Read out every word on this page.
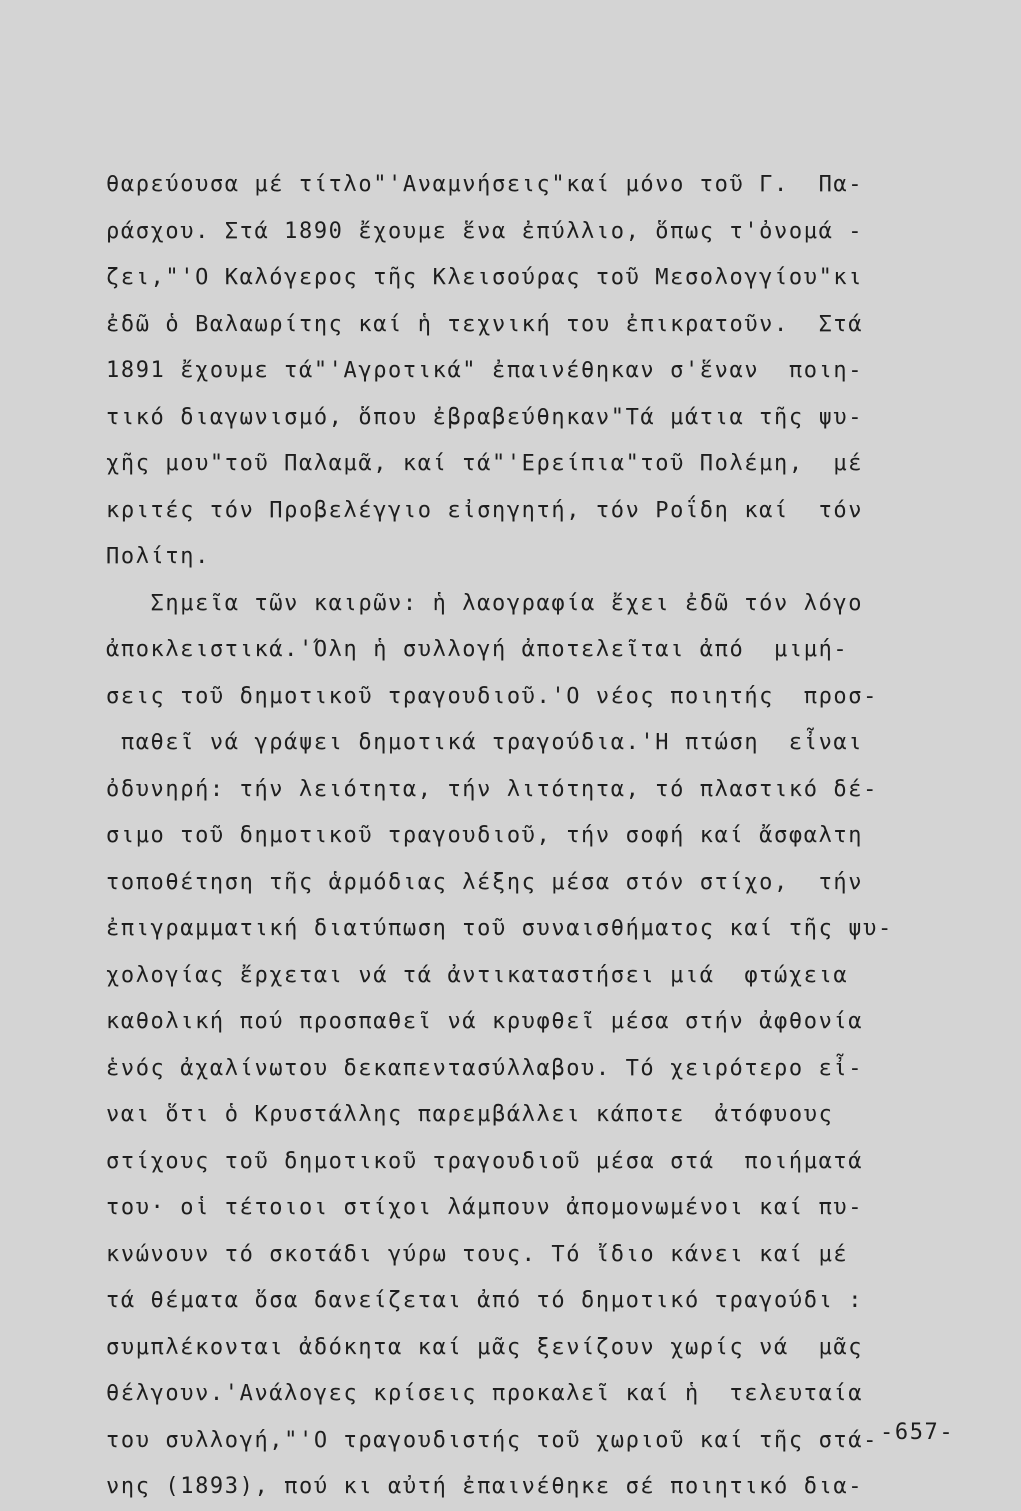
θαρεύουσα μέ τίτλο"'Αναμνήσεις"καί μόνο τοῦ Γ.  Πα-
ράσχου. Στά 1890 ἔχουμε ἕνα ἐπύλλιο, ὅπως τ'ὀνομά -
ζει,"'Ο Καλόγερος τῆς Κλεισούρας τοῦ Μεσολογγίου"κι
ἐδῶ ὁ Βαλαωρίτης καί ἡ τεχνική του ἐπικρατοῦν.  Στά
1891 ἔχουμε τά"'Αγροτικά" ἐπαινέθηκαν σ'ἕναν  ποιη-
τικό διαγωνισμό, ὅπου ἐβραβεύθηκαν"Τά μάτια τῆς ψυ-
χῆς μου"τοῦ Παλαμᾶ, καί τά"'Ερείπια"τοῦ Πολέμη,  μέ
κριτές τόν Προβελέγγιο εἰσηγητή, τόν Ροΐδη καί  τόν
Πολίτη.
Σημεῖα τῶν καιρῶν: ἡ λαογραφία ἔχει ἐδῶ τόν λόγο
ἀποκλειστικά.'Όλη ἡ συλλογή ἀποτελεῖται ἀπό  μιμή-
σεις τοῦ δημοτικοῦ τραγουδιοῦ.'Ο νέος ποιητής  προσ-
παθεῖ νά γράψει δημοτικά τραγούδια.'Η πτώση  εἶναι
ὀδυνηρή: τήν λειότητα, τήν λιτότητα, τό πλαστικό δέ-
σιμο τοῦ δημοτικοῦ τραγουδιοῦ, τήν σοφή καί ἄσφαλτη
τοποθέτηση τῆς ἁρμόδιας λέξης μέσα στόν στίχο,  τήν
ἐπιγραμματική διατύπωση τοῦ συναισθήματος καί τῆς ψυ-
χολογίας ἔρχεται νά τά ἀντικαταστήσει μιά  φτώχεια
καθολική πού προσπαθεῖ νά κρυφθεῖ μέσα στήν ἀφθονία
ἑνός ἀχαλίνωτου δεκαπεντασύλλαβου. Τό χειρότερο εἶ-
ναι ὅτι ὁ Κρυστάλλης παρεμβάλλει κάποτε  ἀτόφυους
στίχους τοῦ δημοτικοῦ τραγουδιοῦ μέσα στά  ποιήματά
του· οἱ τέτοιοι στίχοι λάμπουν ἀπομονωμένοι καί πυ-
κνώνουν τό σκοτάδι γύρω τους. Τό ἴδιο κάνει καί μέ
τά θέματα ὅσα δανείζεται ἀπό τό δημοτικό τραγούδι :
συμπλέκονται ἀδόκητα καί μᾶς ξενίζουν χωρίς νά  μᾶς
θέλγουν.'Ανάλογες κρίσεις προκαλεῖ καί ἡ  τελευταία
του συλλογή,"'Ο τραγουδιστής τοῦ χωριοῦ καί τῆς στά-
νης (1893), πού κι αὐτή ἐπαινέθηκε σέ ποιητικό δια-
-657-
